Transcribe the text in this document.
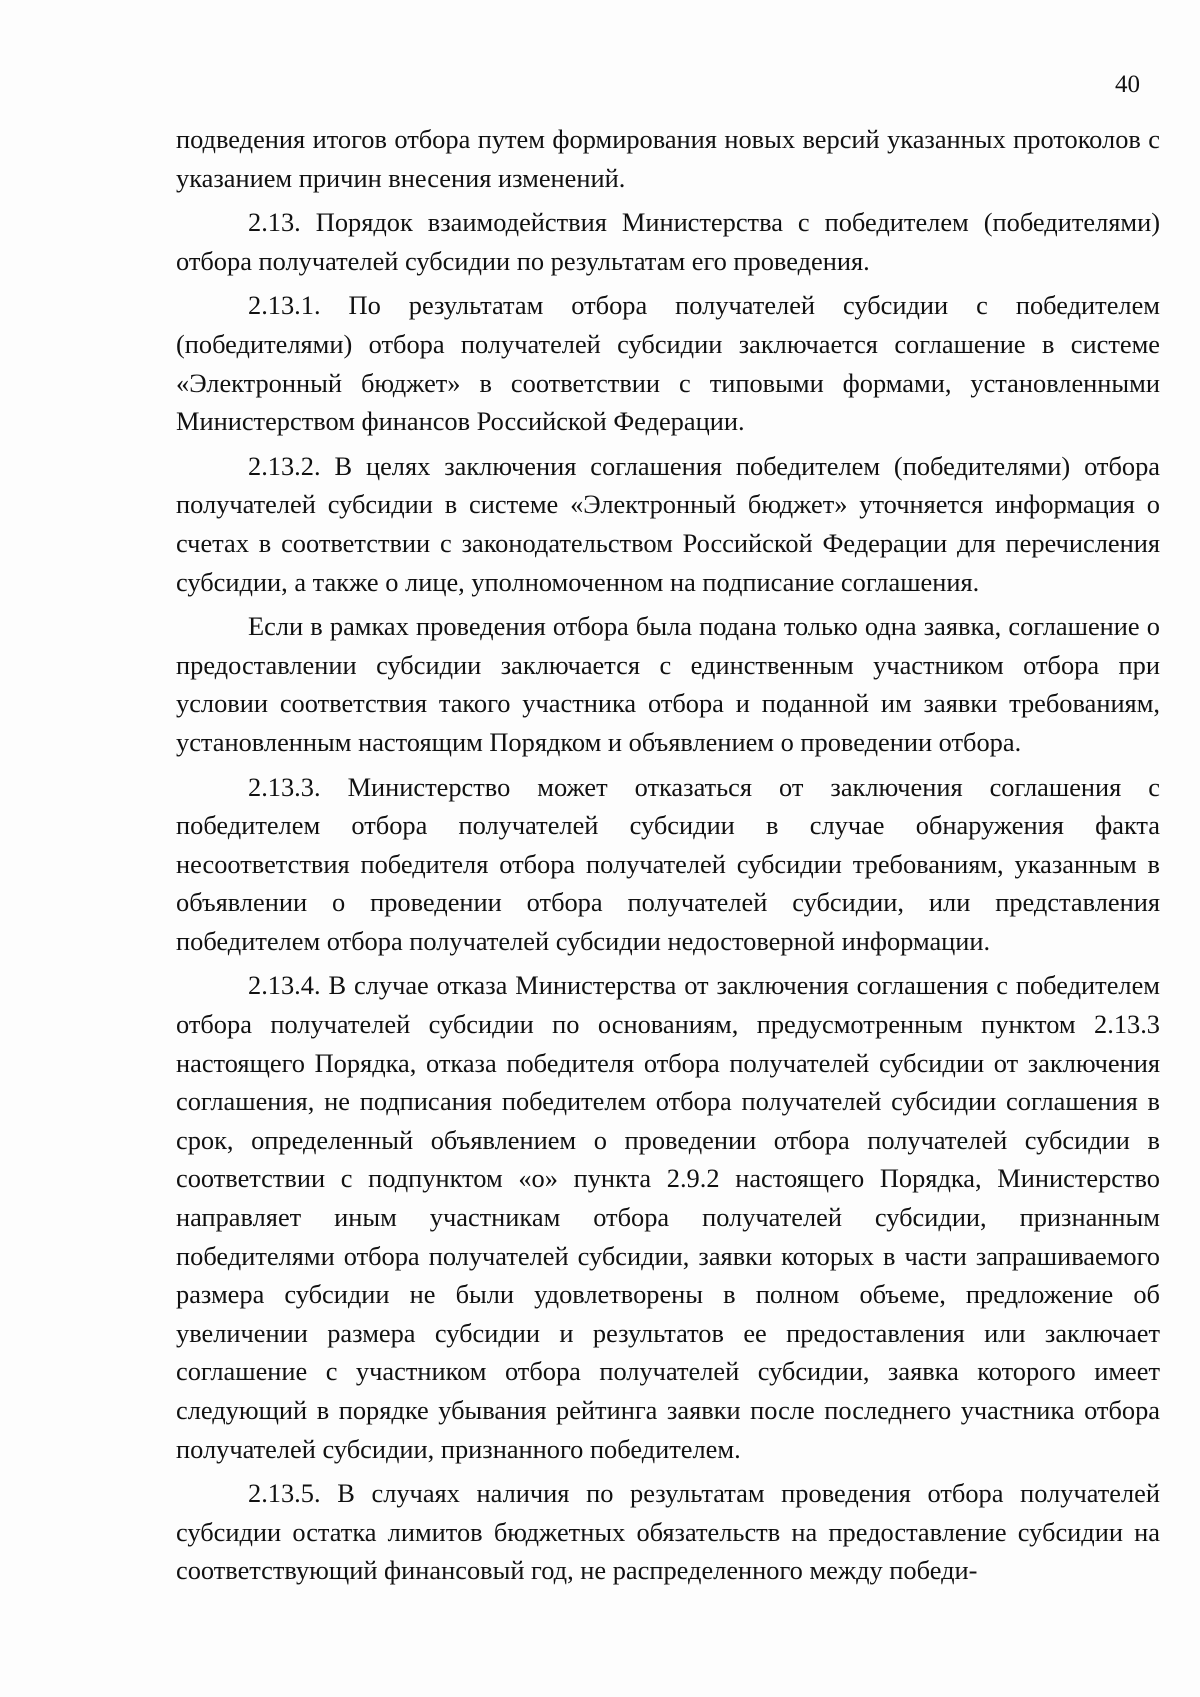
40

подведения итогов отбора путем формирования новых версий указанных протоколов с указанием причин внесения изменений.

2.13. Порядок взаимодействия Министерства с победителем (победителями) отбора получателей субсидии по результатам его проведения.

2.13.1. По результатам отбора получателей субсидии с победителем (победителями) отбора получателей субсидии заключается соглашение в системе «Электронный бюджет» в соответствии с типовыми формами, установленными Министерством финансов Российской Федерации.

2.13.2. В целях заключения соглашения победителем (победителями) отбора получателей субсидии в системе «Электронный бюджет» уточняется информация о счетах в соответствии с законодательством Российской Федерации для перечисления субсидии, а также о лице, уполномоченном на подписание соглашения.

Если в рамках проведения отбора была подана только одна заявка, соглашение о предоставлении субсидии заключается с единственным участником отбора при условии соответствия такого участника отбора и поданной им заявки требованиям, установленным настоящим Порядком и объявлением о проведении отбора.

2.13.3. Министерство может отказаться от заключения соглашения с победителем отбора получателей субсидии в случае обнаружения факта несоответствия победителя отбора получателей субсидии требованиям, указанным в объявлении о проведении отбора получателей субсидии, или представления победителем отбора получателей субсидии недостоверной информации.

2.13.4. В случае отказа Министерства от заключения соглашения с победителем отбора получателей субсидии по основаниям, предусмотренным пунктом 2.13.3 настоящего Порядка, отказа победителя отбора получателей субсидии от заключения соглашения, не подписания победителем отбора получателей субсидии соглашения в срок, определенный объявлением о проведении отбора получателей субсидии в соответствии с подпунктом «о» пункта 2.9.2 настоящего Порядка, Министерство направляет иным участникам отбора получателей субсидии, признанным победителями отбора получателей субсидии, заявки которых в части запрашиваемого размера субсидии не были удовлетворены в полном объеме, предложение об увеличении размера субсидии и результатов ее предоставления или заключает соглашение с участником отбора получателей субсидии, заявка которого имеет следующий в порядке убывания рейтинга заявки после последнего участника отбора получателей субсидии, признанного победителем.

2.13.5. В случаях наличия по результатам проведения отбора получателей субсидии остатка лимитов бюджетных обязательств на предоставление субсидии на соответствующий финансовый год, не распределенного между победи-
